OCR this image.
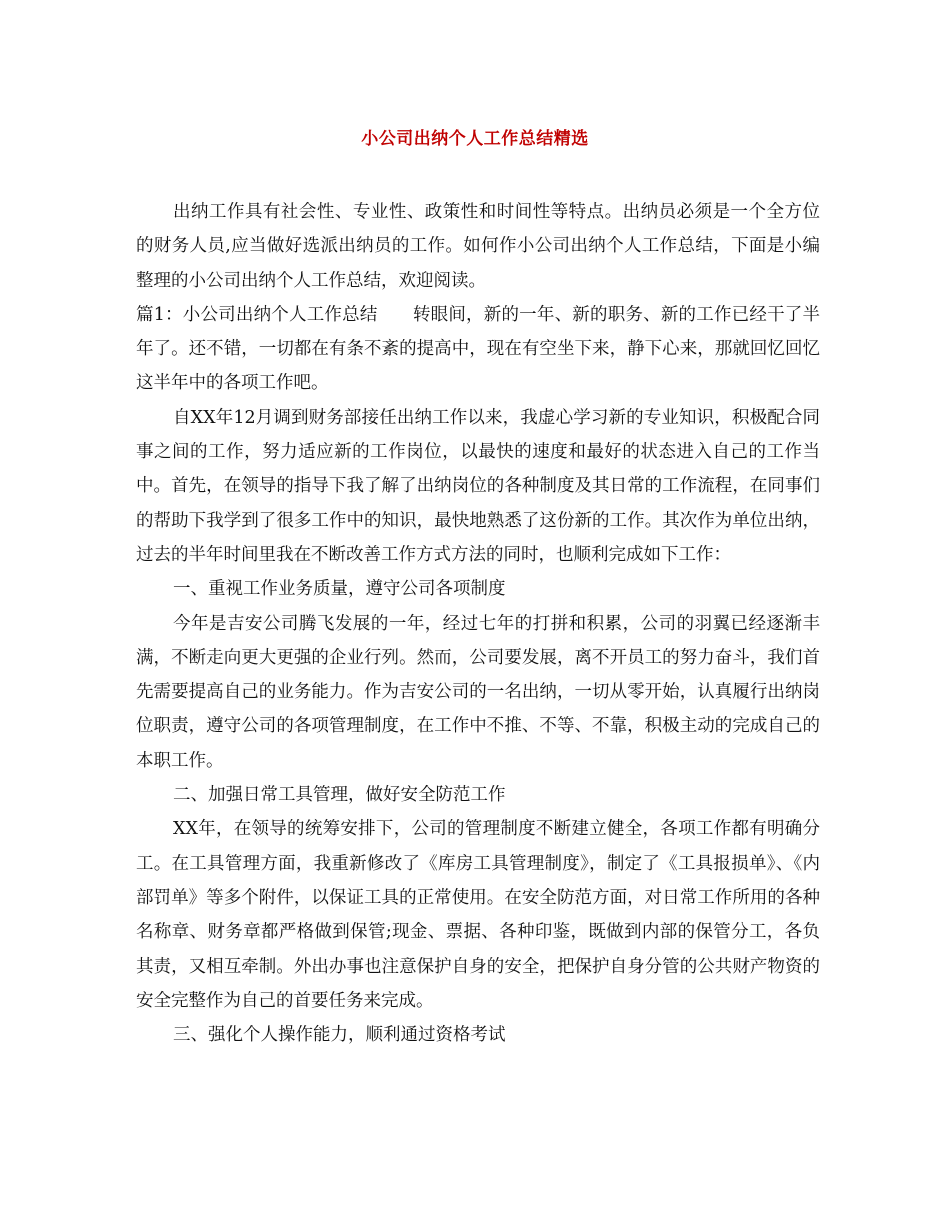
小公司出纳个人工作总结精选

出纳工作具有社会性、专业性、政策性和时间性等特点。出纳员必须是一个全方位的财务人员,应当做好选派出纳员的工作。如何作小公司出纳个人工作总结，下面是小编整理的小公司出纳个人工作总结，欢迎阅读。

篇1：小公司出纳个人工作总结　　转眼间，新的一年、新的职务、新的工作已经干了半年了。还不错，一切都在有条不紊的提高中，现在有空坐下来，静下心来，那就回忆回忆这半年中的各项工作吧。

自XX年12月调到财务部接任出纳工作以来，我虚心学习新的专业知识，积极配合同事之间的工作，努力适应新的工作岗位，以最快的速度和最好的状态进入自己的工作当中。首先，在领导的指导下我了解了出纳岗位的各种制度及其日常的工作流程，在同事们的帮助下我学到了很多工作中的知识，最快地熟悉了这份新的工作。其次作为单位出纳，过去的半年时间里我在不断改善工作方式方法的同时，也顺利完成如下工作：

一、重视工作业务质量，遵守公司各项制度

今年是吉安公司腾飞发展的一年，经过七年的打拼和积累，公司的羽翼已经逐渐丰满，不断走向更大更强的企业行列。然而，公司要发展，离不开员工的努力奋斗，我们首先需要提高自己的业务能力。作为吉安公司的一名出纳，一切从零开始，认真履行出纳岗位职责，遵守公司的各项管理制度，在工作中不推、不等、不靠，积极主动的完成自己的本职工作。

二、加强日常工具管理，做好安全防范工作

XX年，在领导的统筹安排下，公司的管理制度不断建立健全，各项工作都有明确分工。在工具管理方面，我重新修改了《库房工具管理制度》，制定了《工具报损单》、《内部罚单》等多个附件，以保证工具的正常使用。在安全防范方面，对日常工作所用的各种名称章、财务章都严格做到保管;现金、票据、各种印鉴，既做到内部的保管分工，各负其责，又相互牵制。外出办事也注意保护自身的安全，把保护自身分管的公共财产物资的安全完整作为自己的首要任务来完成。

三、强化个人操作能力，顺利通过资格考试
